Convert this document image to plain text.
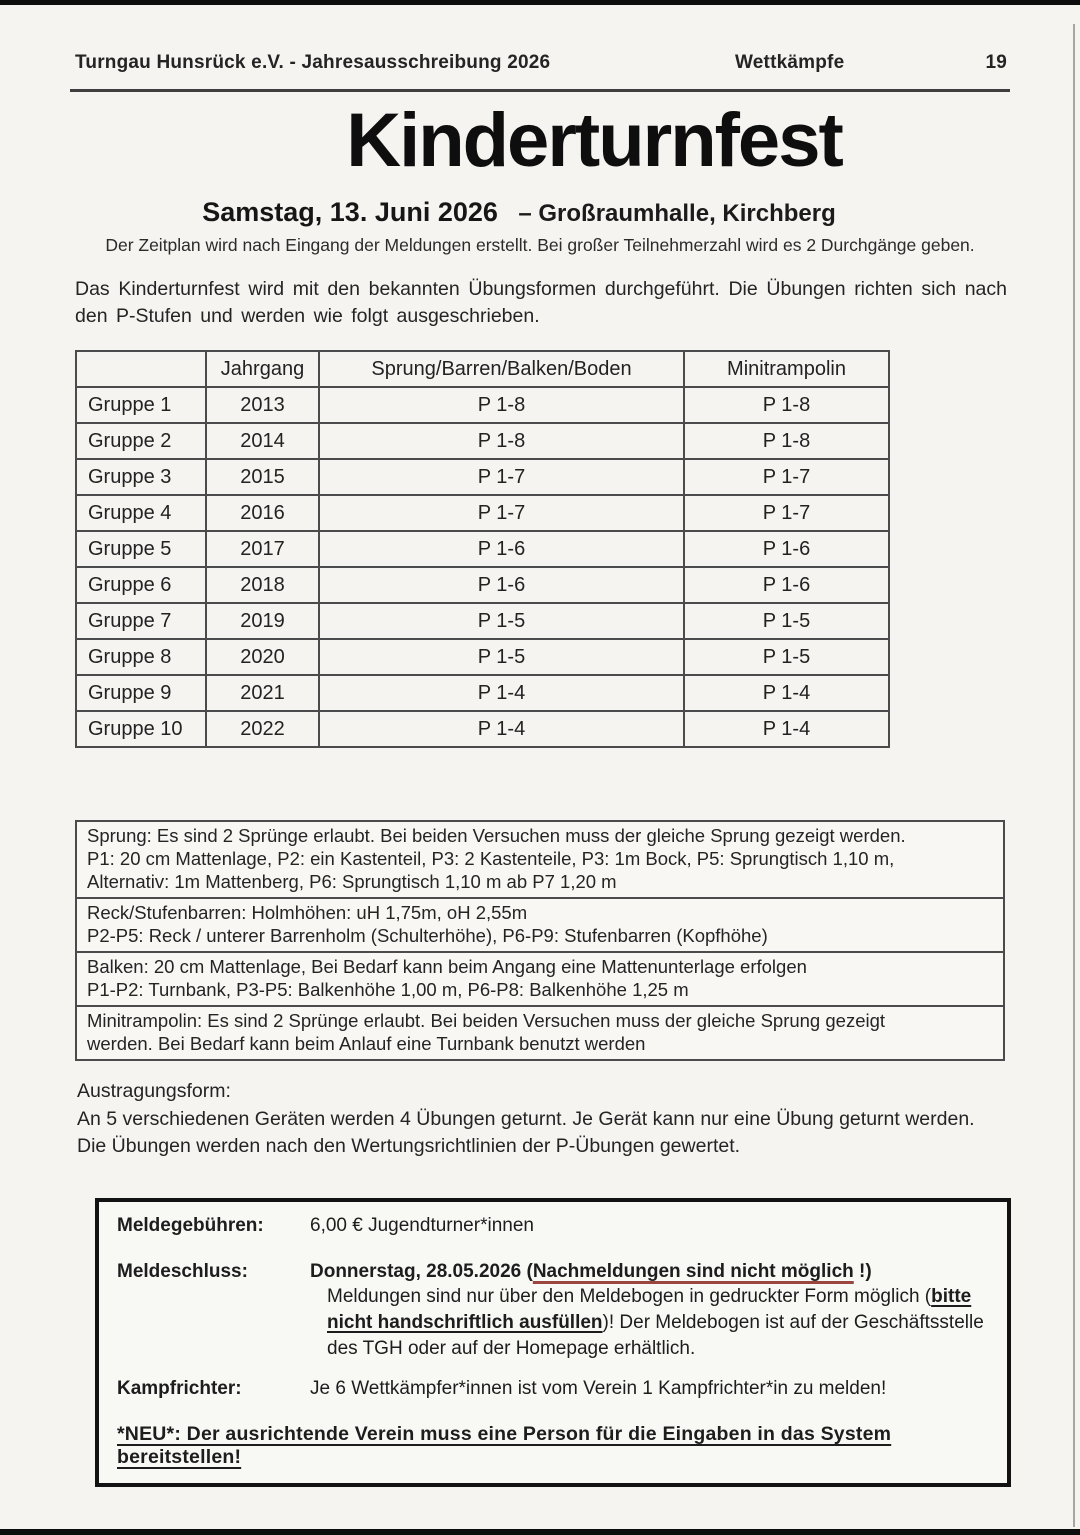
Turngau Hunsrück e.V. - Jahresausschreibung 2026	Wettkämpfe	19
Kinderturnfest
Samstag, 13. Juni 2026 – Großraumhalle, Kirchberg
Der Zeitplan wird nach Eingang der Meldungen erstellt. Bei großer Teilnehmerzahl wird es 2 Durchgänge geben.
Das Kinderturnfest wird mit den bekannten Übungsformen durchgeführt. Die Übungen richten sich nach den P-Stufen und werden wie folgt ausgeschrieben.
	Jahrgang	Sprung/Barren/Balken/Boden	Minitrampolin
Gruppe 1	2013	P 1-8	P 1-8
Gruppe 2	2014	P 1-8	P 1-8
Gruppe 3	2015	P 1-7	P 1-7
Gruppe 4	2016	P 1-7	P 1-7
Gruppe 5	2017	P 1-6	P 1-6
Gruppe 6	2018	P 1-6	P 1-6
Gruppe 7	2019	P 1-5	P 1-5
Gruppe 8	2020	P 1-5	P 1-5
Gruppe 9	2021	P 1-4	P 1-4
Gruppe 10	2022	P 1-4	P 1-4
Sprung: Es sind 2 Sprünge erlaubt. Bei beiden Versuchen muss der gleiche Sprung gezeigt werden.
P1: 20 cm Mattenlage, P2: ein Kastenteil, P3: 2 Kastenteile, P3: 1m Bock, P5: Sprungtisch 1,10 m,
Alternativ: 1m Mattenberg, P6: Sprungtisch 1,10 m ab P7 1,20 m
Reck/Stufenbarren: Holmhöhen: uH 1,75m, oH 2,55m
P2-P5: Reck / unterer Barrenholm (Schulterhöhe), P6-P9: Stufenbarren (Kopfhöhe)
Balken: 20 cm Mattenlage, Bei Bedarf kann beim Angang eine Mattenunterlage erfolgen
P1-P2: Turnbank, P3-P5: Balkenhöhe 1,00 m, P6-P8: Balkenhöhe 1,25 m
Minitrampolin: Es sind 2 Sprünge erlaubt. Bei beiden Versuchen muss der gleiche Sprung gezeigt
werden. Bei Bedarf kann beim Anlauf eine Turnbank benutzt werden
Austragungsform:
An 5 verschiedenen Geräten werden 4 Übungen geturnt. Je Gerät kann nur eine Übung geturnt werden.
Die Übungen werden nach den Wertungsrichtlinien der P-Übungen gewertet.
Meldegebühren:	6,00 € Jugendturner*innen
Meldeschluss:	Donnerstag, 28.05.2026 (Nachmeldungen sind nicht möglich !)
Meldungen sind nur über den Meldebogen in gedruckter Form möglich (bitte nicht handschriftlich ausfüllen)! Der Meldebogen ist auf der Geschäftsstelle des TGH oder auf der Homepage erhältlich.
Kampfrichter:	Je 6 Wettkämpfer*innen ist vom Verein 1 Kampfrichter*in zu melden!
*NEU*: Der ausrichtende Verein muss eine Person für die Eingaben in das System bereitstellen!
